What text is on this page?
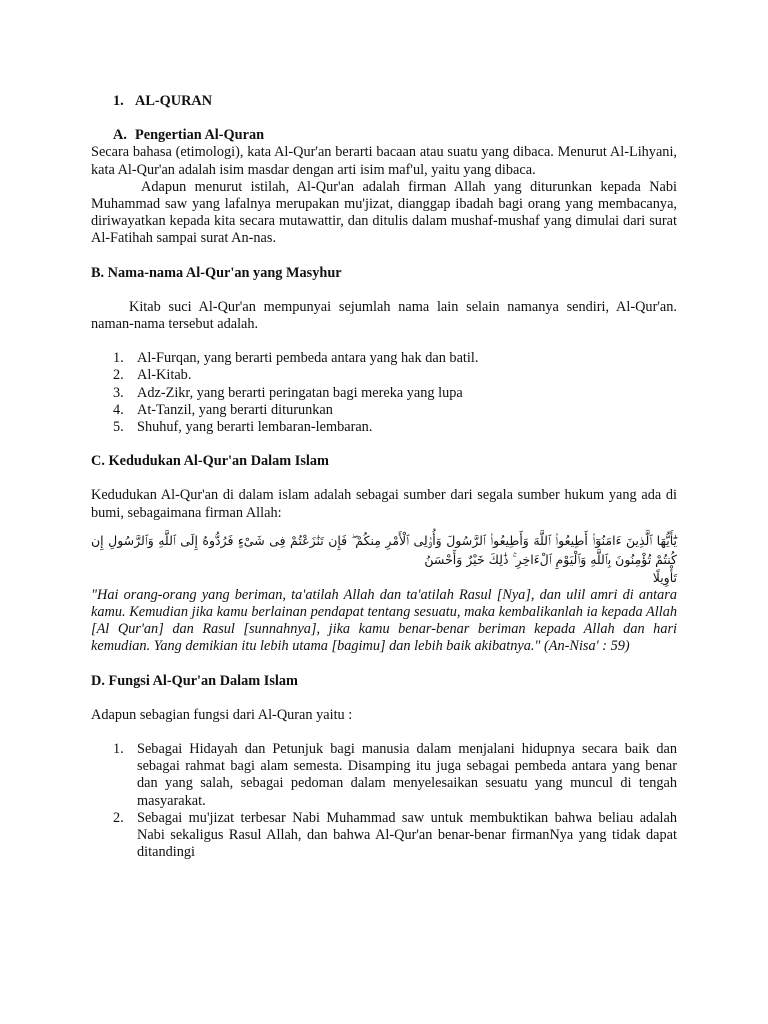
1. AL-QURAN

A. Pengertian Al-Quran

Secara bahasa (etimologi), kata Al-Qur'an berarti bacaan atau suatu yang dibaca. Menurut Al-Lihyani, kata Al-Qur'an adalah isim masdar dengan arti isim maf'ul, yaitu yang dibaca.

Adapun menurut istilah, Al-Qur'an adalah firman Allah yang diturunkan kepada Nabi Muhammad saw yang lafalnya merupakan mu'jizat, dianggap ibadah bagi orang yang membacanya, diriwayatkan kepada kita secara mutawattir, dan ditulis dalam mushaf-mushaf yang dimulai dari surat Al-Fatihah sampai surat An-nas.

B. Nama-nama Al-Qur'an yang Masyhur

Kitab suci Al-Qur'an mempunyai sejumlah nama lain selain namanya sendiri, Al-Qur'an. naman-nama tersebut adalah.

1. Al-Furqan, yang berarti pembeda antara yang hak dan batil.
2. Al-Kitab.
3. Adz-Zikr, yang berarti peringatan bagi mereka yang lupa
4. At-Tanzil, yang berarti diturunkan
5. Shuhuf, yang berarti lembaran-lembaran.

C. Kedudukan Al-Qur'an Dalam Islam

Kedudukan Al-Qur'an di dalam islam adalah sebagai sumber dari segala sumber hukum yang ada di bumi, sebagaimana firman Allah:

يَٰٓأَيُّهَا ٱلَّذِينَ ءَامَنُوٓا۟ أَطِيعُوا۟ ٱللَّهَ وَأَطِيعُوا۟ ٱلرَّسُولَ وَأُو۟لِى ٱلْأَمْرِ مِنكُمْ ۖ فَإِن تَنَٰزَعْتُمْ فِى شَىْءٍ فَرُدُّوهُ إِلَى ٱللَّهِ وَٱلرَّسُولِ إِن كُنتُمْ تُؤْمِنُونَ بِٱللَّهِ وَٱلْيَوْمِ ٱلْءَاخِرِ ۚ ذَٰلِكَ خَيْرٌ وَأَحْسَنُ

تَأْوِيلًا

"Hai orang-orang yang beriman, ta'atilah Allah dan ta'atilah Rasul [Nya], dan ulil amri di antara kamu. Kemudian jika kamu berlainan pendapat tentang sesuatu, maka kembalikanlah ia kepada Allah [Al Qur'an] dan Rasul [sunnahnya], jika kamu benar-benar beriman kepada Allah dan hari kemudian. Yang demikian itu lebih utama [bagimu] dan lebih baik akibatnya." (An-Nisa' : 59)

D. Fungsi Al-Qur'an Dalam Islam

Adapun sebagian fungsi dari Al-Quran yaitu :

1. Sebagai Hidayah dan Petunjuk bagi manusia dalam menjalani hidupnya secara baik dan sebagai rahmat bagi alam semesta. Disamping itu juga sebagai pembeda antara yang benar dan yang salah, sebagai pedoman dalam menyelesaikan sesuatu yang muncul di tengah masyarakat.
2. Sebagai mu'jizat terbesar Nabi Muhammad saw untuk membuktikan bahwa beliau adalah Nabi sekaligus Rasul Allah, dan bahwa Al-Qur'an benar-benar firmanNya yang tidak dapat ditandingi
